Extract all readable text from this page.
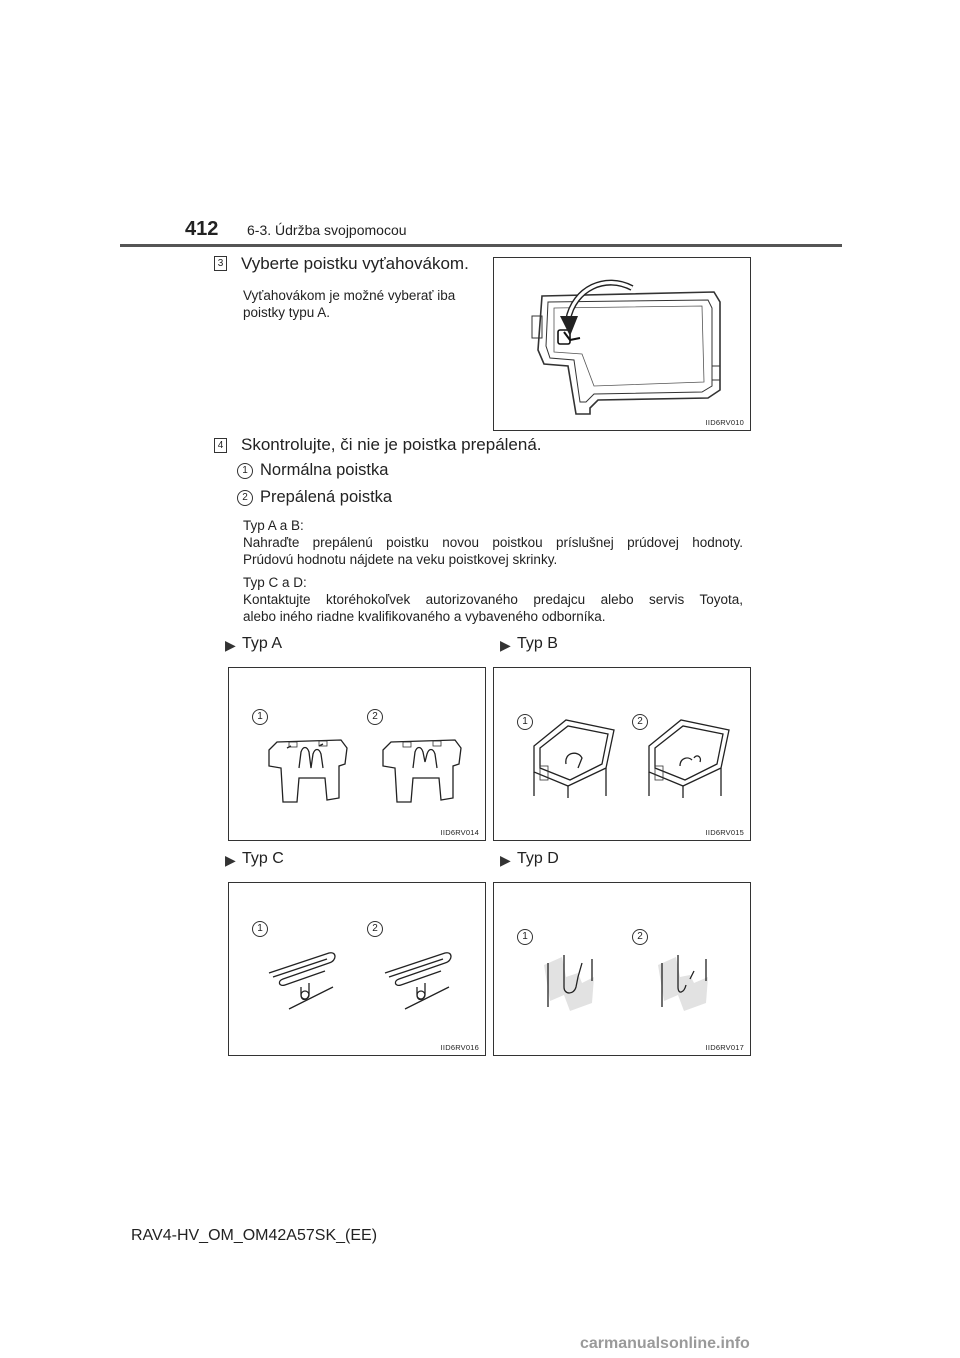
412 6-3. Údržba svojpomocou
3 Vyberte poistku vyťahovákom.
Vyťahovákom je možné vyberať iba
poistky typu A.
IID6RV010
4 Skontrolujte, či nie je poistka prepálená.
1 Normálna poistka
2 Prepálená poistka
Typ A a B:
Nahraďte prepálenú poistku novou poistkou príslušnej prúdovej hodnoty.
Prúdovú hodnotu nájdete na veku poistkovej skrinky.
Typ C a D:
Kontaktujte ktoréhokoľvek autorizovaného predajcu alebo servis Toyota,
alebo iného riadne kvalifikovaného a vybaveného odborníka.
▶ Typ A	▶ Typ B
1	2
IID6RV014
1	2
IID6RV015
▶ Typ C	▶ Typ D
1	2
IID6RV016
1	2
IID6RV017
RAV4-HV_OM_OM42A57SK_(EE)
carmanualsonline.info
